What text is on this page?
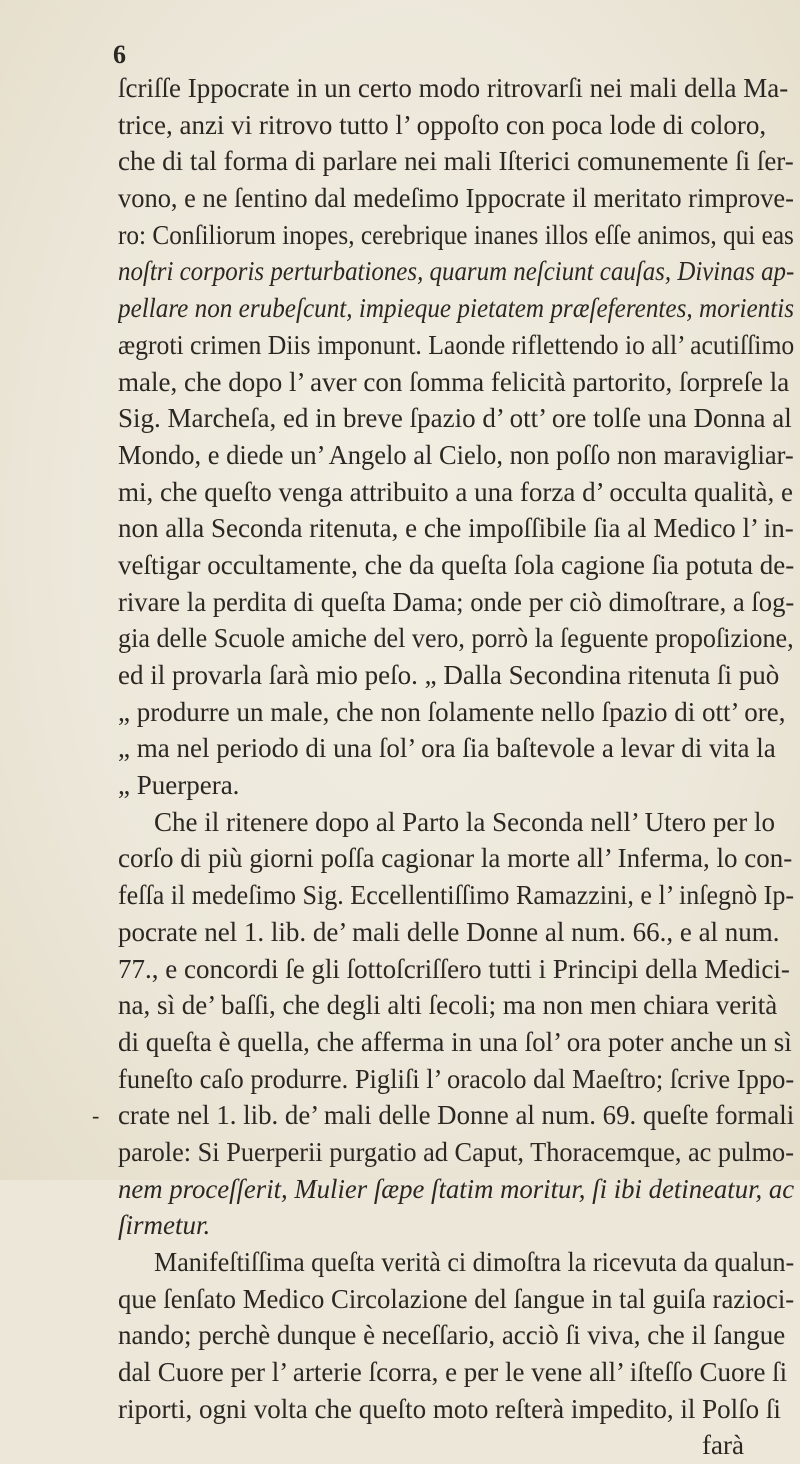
6
-
ſcriſſe Ippocrate in un certo modo ritrovarſi nei mali della Ma-
trice, anzi vi ritrovo tutto l’ oppoſto con poca lode di coloro,
che di tal forma di parlare nei mali Iſterici comunemente ſi ſer-
vono, e ne ſentino dal medeſimo Ippocrate il meritato rimprove-
ro: Conſiliorum inopes, cerebrique inanes illos eſſe animos, qui eas
noſtri corporis perturbationes, quarum neſciunt cauſas, Divinas ap-
pellare non erubeſcunt, impieque pietatem præſeferentes, morientis
ægroti crimen Diis imponunt. Laonde riflettendo io all’ acutiſſimo
male, che dopo l’ aver con ſomma felicità partorito, ſorpreſe la
Sig. Marcheſa, ed in breve ſpazio d’ ott’ ore tolſe una Donna al
Mondo, e diede un’ Angelo al Cielo, non poſſo non maravigliar-
mi, che queſto venga attribuito a una forza d’ occulta qualità, e
non alla Seconda ritenuta, e che impoſſibile ſia al Medico l’ in-
veſtigar occultamente, che da queſta ſola cagione ſia potuta de-
rivare la perdita di queſta Dama; onde per ciò dimoſtrare, a ſog-
gia delle Scuole amiche del vero, porrò la ſeguente propoſizione,
ed il provarla ſarà mio peſo. „ Dalla Secondina ritenuta ſi può
„ produrre un male, che non ſolamente nello ſpazio di ott’ ore,
„ ma nel periodo di una ſol’ ora ſia baſtevole a levar di vita la
„ Puerpera.
Che il ritenere dopo al Parto la Seconda nell’ Utero per lo
corſo di più giorni poſſa cagionar la morte all’ Inferma, lo con-
feſſa il medeſimo Sig. Eccellentiſſimo Ramazzini, e l’ inſegnò Ip-
pocrate nel 1. lib. de’ mali delle Donne al num. 66., e al num.
77., e concordi ſe gli ſottoſcriſſero tutti i Principi della Medici-
na, sì de’ baſſi, che degli alti ſecoli; ma non men chiara verità
di queſta è quella, che afferma in una ſol’ ora poter anche un sì
funeſto caſo produrre. Pigliſi l’ oracolo dal Maeſtro; ſcrive Ippo-
crate nel 1. lib. de’ mali delle Donne al num. 69. queſte formali
parole: Si Puerperii purgatio ad Caput, Thoracemque, ac pulmo-
nem proceſſerit, Mulier ſæpe ſtatim moritur, ſi ibi detineatur, ac
ſirmetur.
Manifeſtiſſima queſta verità ci dimoſtra la ricevuta da qualun-
que ſenſato Medico Circolazione del ſangue in tal guiſa razioci-
nando; perchè dunque è neceſſario, acciò ſi viva, che il ſangue
dal Cuore per l’ arterie ſcorra, e per le vene all’ iſteſſo Cuore ſi
riporti, ogni volta che queſto moto reſterà impedito, il Polſo ſi
farà
